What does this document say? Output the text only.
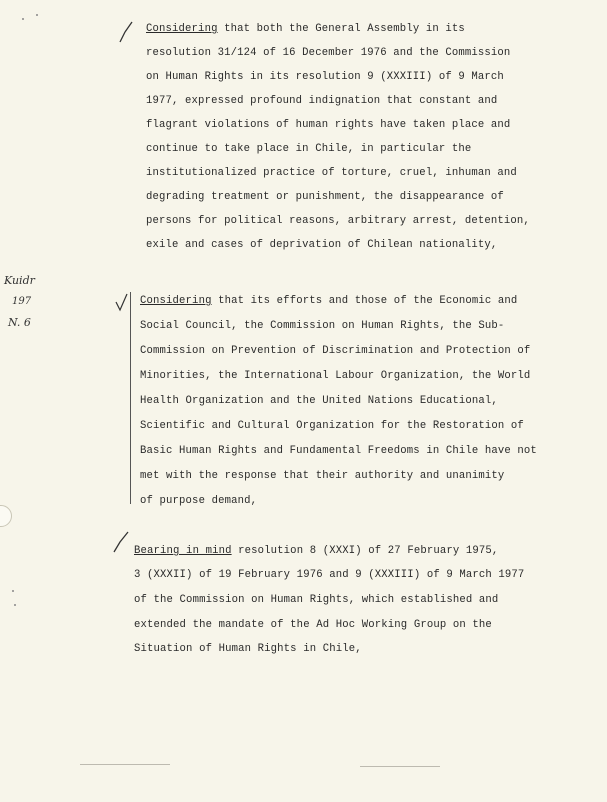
Kuidr
197
N. 6
Considering that both the General Assembly in its
resolution 31/124 of 16 December 1976 and the Commission
on Human Rights in its resolution 9 (XXXIII) of 9 March
1977, expressed profound indignation that constant and
flagrant violations of human rights have taken place and
continue to take place in Chile, in particular the
institutionalized practice of torture, cruel, inhuman and
degrading treatment or punishment, the disappearance of
persons for political reasons, arbitrary arrest, detention,
exile and cases of deprivation of Chilean nationality,
Considering that its efforts and those of the Economic and
Social Council, the Commission on Human Rights, the Sub-
Commission on Prevention of Discrimination and Protection of
Minorities, the International Labour Organization, the World
Health Organization and the United Nations Educational,
Scientific and Cultural Organization for the Restoration of
Basic Human Rights and Fundamental Freedoms in Chile have not
met with the response that their authority and unanimity
of purpose demand,
Bearing in mind resolution 8 (XXXI) of 27 February 1975,
3 (XXXII) of 19 February 1976 and 9 (XXXIII) of 9 March 1977
of the Commission on Human Rights, which established and
extended the mandate of the Ad Hoc Working Group on the
Situation of Human Rights in Chile,
